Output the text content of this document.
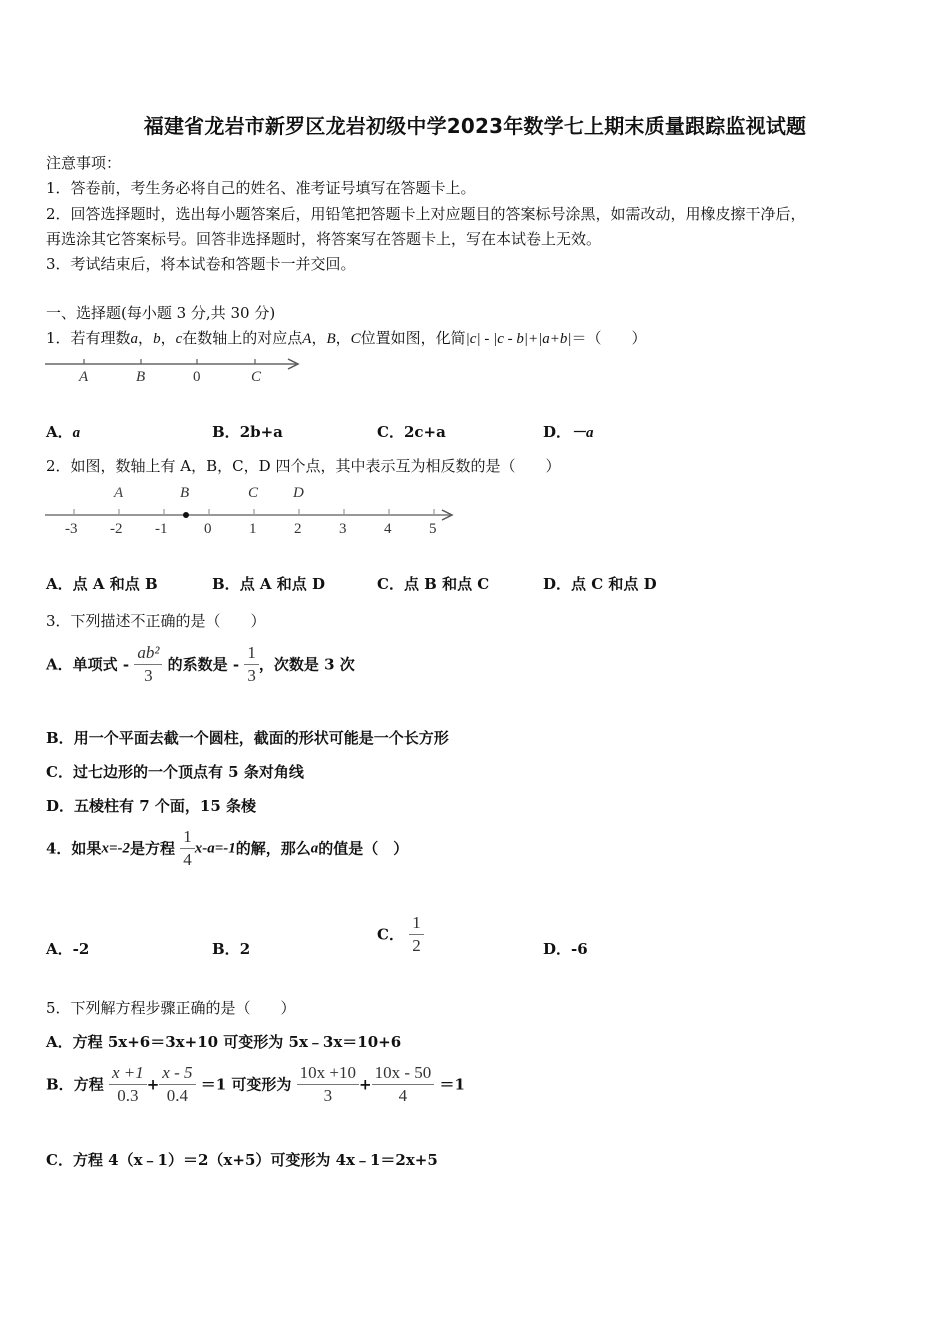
福建省龙岩市新罗区龙岩初级中学2023年数学七上期末质量跟踪监视试题
注意事项：
1．答卷前，考生务必将自己的姓名、准考证号填写在答题卡上。
2．回答选择题时，选出每小题答案后，用铅笔把答题卡上对应题目的答案标号涂黑，如需改动，用橡皮擦干净后，
再选涂其它答案标号。回答非选择题时，将答案写在答题卡上，写在本试卷上无效。
3．考试结束后，将本试卷和答题卡一并交回。
一、选择题(每小题 3 分,共 30 分)
1．若有理数a，b，c在数轴上的对应点A，B，C位置如图，化简|c| - |c - b|+|a+b|＝（　　）
A	B	0	C
A．a	B．2b+a	C．2c+a	D．－a
2．如图，数轴上有 A，B，C，D 四个点，其中表示互为相反数的是（　　）
A	B	C D
-3 -2 -1 0	1	2	3	4	5
A．点 A 和点 B	B．点 A 和点 D	C．点 B 和点 C	D．点 C 和点 D
3．下列描述不正确的是（　　）
A．单项式 - $\frac{\text{ab²}}{3}$ 的系数是 - $\frac{1}{3}$ ，次数是 3 次
B．用一个平面去截一个圆柱，截面的形状可能是一个长方形
C．过七边形的一个顶点有 5 条对角线
D．五棱柱有 7 个面，15 条棱
4．如果x=-2是方程 $\frac{1}{4} x-a=-1$的解，那么a的值是（　）
A．-2	B．2
C． $\frac{1}{2}$	D．-6
5．下列解方程步骤正确的是（　　）
A．方程 5x+6＝3x+10 可变形为 5x﹣3x＝10+6
B．方程 $\frac{x +1}{0.3} + \frac{x - 5}{0.4} =1$ 可变形为 $\frac{10x +10}{3} + \frac{10x - 50}{4} =1$
C．方程 4（x﹣1）＝2（x+5）可变形为 4x﹣1＝2x+5
